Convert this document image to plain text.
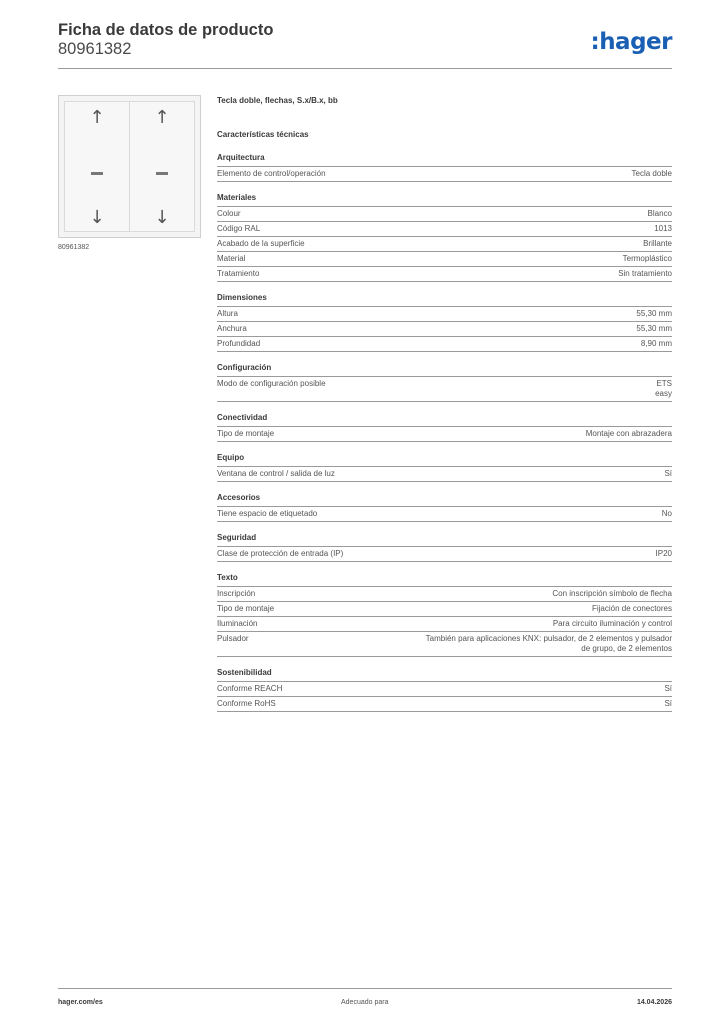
Ficha de datos de producto
80961382	:hager
↑
↓
↑
↓
80961382
Tecla doble, flechas, S.x/B.x, bb
Características técnicas
Arquitectura
Elemento de control/operación	Tecla doble
Materiales
Colour	Blanco
Código RAL	1013
Acabado de la superficie	Brillante
Material	Termoplástico
Tratamiento	Sin tratamiento
Dimensiones
Altura	55,30 mm
Anchura	55,30 mm
Profundidad	8,90 mm
Configuración
Modo de configuración posible	ETS
easy
Conectividad
Tipo de montaje	Montaje con abrazadera
Equipo
Ventana de control / salida de luz	Sí
Accesorios
Tiene espacio de etiquetado	No
Seguridad
Clase de protección de entrada (IP)	IP20
Texto
Inscripción	Con inscripción símbolo de flecha
Tipo de montaje	Fijación de conectores
Iluminación	Para circuito iluminación y control
Pulsador	También para aplicaciones KNX: pulsador, de 2 elementos y pulsador
de grupo, de 2 elementos
Sostenibilidad
Conforme REACH	Sí
Conforme RoHS	Sí
hager.com/es	Adecuado para	14.04.2026
